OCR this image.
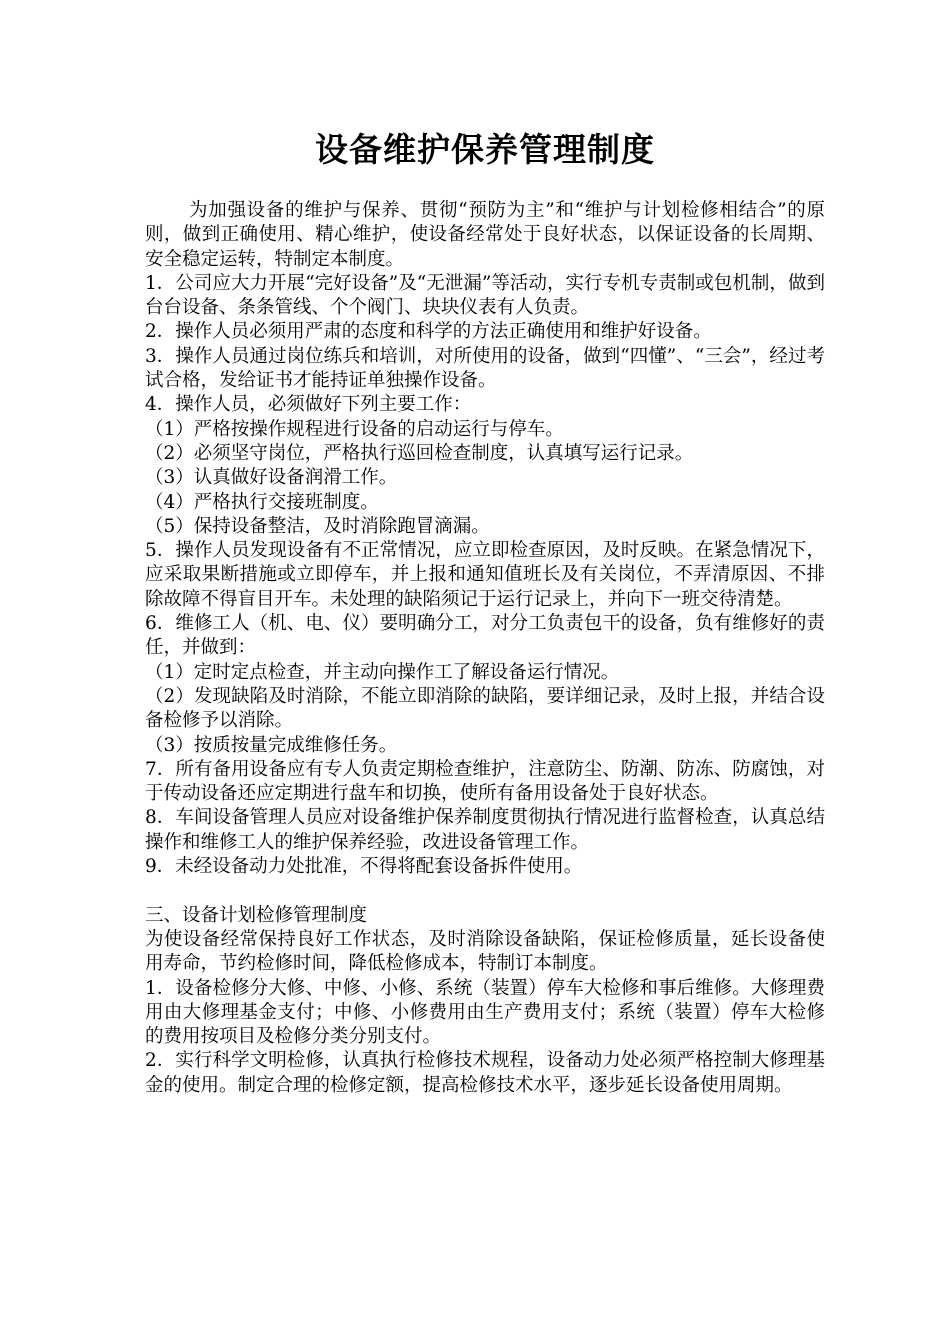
设备维护保养管理制度

为加强设备的维护与保养、贯彻“预防为主”和“维护与计划检修相结合”的原则，做到正确使用、精心维护，使设备经常处于良好状态，以保证设备的长周期、安全稳定运转，特制定本制度。

1．公司应大力开展“完好设备”及“无泄漏”等活动，实行专机专责制或包机制，做到台台设备、条条管线、个个阀门、块块仪表有人负责。

2．操作人员必须用严肃的态度和科学的方法正确使用和维护好设备。

3．操作人员通过岗位练兵和培训，对所使用的设备，做到“四懂”、“三会”，经过考试合格，发给证书才能持证单独操作设备。

4．操作人员，必须做好下列主要工作：

（1）严格按操作规程进行设备的启动运行与停车。

（2）必须坚守岗位，严格执行巡回检查制度，认真填写运行记录。

（3）认真做好设备润滑工作。

（4）严格执行交接班制度。

（5）保持设备整洁，及时消除跑冒滴漏。

5．操作人员发现设备有不正常情况，应立即检查原因，及时反映。在紧急情况下，应采取果断措施或立即停车，并上报和通知值班长及有关岗位，不弄清原因、不排除故障不得盲目开车。未处理的缺陷须记于运行记录上，并向下一班交待清楚。

6．维修工人（机、电、仪）要明确分工，对分工负责包干的设备，负有维修好的责任，并做到：

（1）定时定点检查，并主动向操作工了解设备运行情况。

（2）发现缺陷及时消除，不能立即消除的缺陷，要详细记录，及时上报，并结合设备检修予以消除。

（3）按质按量完成维修任务。

7．所有备用设备应有专人负责定期检查维护，注意防尘、防潮、防冻、防腐蚀，对于传动设备还应定期进行盘车和切换，使所有备用设备处于良好状态。

8．车间设备管理人员应对设备维护保养制度贯彻执行情况进行监督检查，认真总结操作和维修工人的维护保养经验，改进设备管理工作。

9．未经设备动力处批准，不得将配套设备拆件使用。

三、设备计划检修管理制度

为使设备经常保持良好工作状态，及时消除设备缺陷，保证检修质量，延长设备使用寿命，节约检修时间，降低检修成本，特制订本制度。

1．设备检修分大修、中修、小修、系统（装置）停车大检修和事后维修。大修理费用由大修理基金支付；中修、小修费用由生产费用支付；系统（装置）停车大检修的费用按项目及检修分类分别支付。

2．实行科学文明检修，认真执行检修技术规程，设备动力处必须严格控制大修理基金的使用。制定合理的检修定额，提高检修技术水平，逐步延长设备使用周期。
